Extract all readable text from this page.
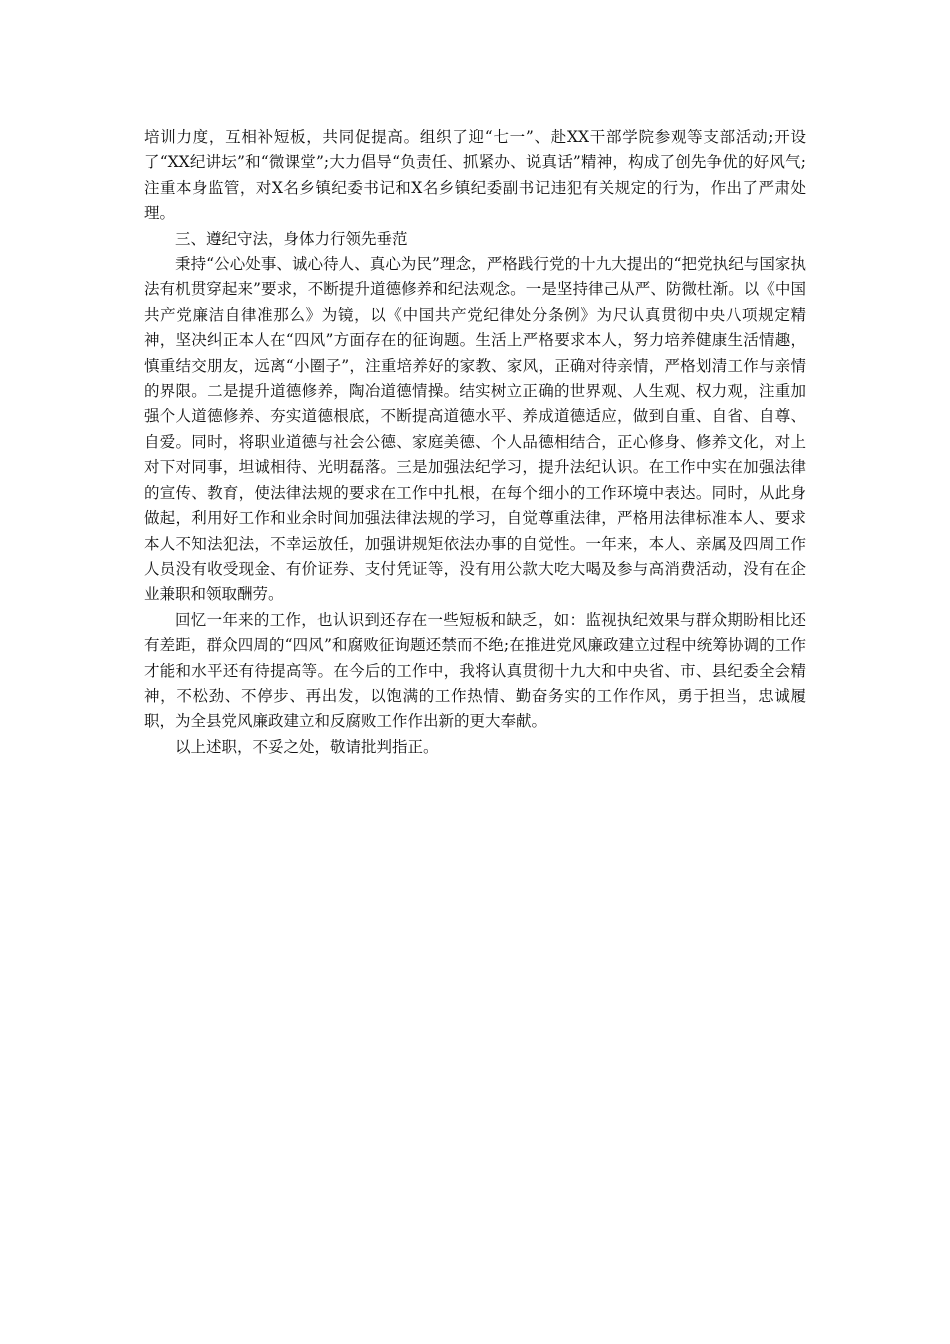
培训力度，互相补短板，共同促提高。组织了迎“七一”、赴XX干部学院参观等支部活动;开设了“XX纪讲坛”和“微课堂”;大力倡导“负责任、抓紧办、说真话”精神，构成了创先争优的好风气;注重本身监管，对X名乡镇纪委书记和X名乡镇纪委副书记违犯有关规定的行为，作出了严肃处理。

三、遵纪守法，身体力行领先垂范

秉持“公心处事、诚心待人、真心为民”理念，严格践行党的十九大提出的“把党执纪与国家执法有机贯穿起来”要求，不断提升道德修养和纪法观念。一是坚持律己从严、防微杜渐。以《中国共产党廉洁自律准那么》为镜，以《中国共产党纪律处分条例》为尺认真贯彻中央八项规定精神，坚决纠正本人在“四风”方面存在的征询题。生活上严格要求本人，努力培养健康生活情趣，慎重结交朋友，远离“小圈子”，注重培养好的家教、家风，正确对待亲情，严格划清工作与亲情的界限。二是提升道德修养，陶冶道德情操。结实树立正确的世界观、人生观、权力观，注重加强个人道德修养、夯实道德根底，不断提高道德水平、养成道德适应，做到自重、自省、自尊、自爱。同时，将职业道德与社会公德、家庭美德、个人品德相结合，正心修身、修养文化，对上对下对同事，坦诚相待、光明磊落。三是加强法纪学习，提升法纪认识。在工作中实在加强法律的宣传、教育，使法律法规的要求在工作中扎根，在每个细小的工作环境中表达。同时，从此身做起，利用好工作和业余时间加强法律法规的学习，自觉尊重法律，严格用法律标准本人、要求本人不知法犯法，不幸运放任，加强讲规矩依法办事的自觉性。一年来，本人、亲属及四周工作人员没有收受现金、有价证券、支付凭证等，没有用公款大吃大喝及参与高消费活动，没有在企业兼职和领取酬劳。

回忆一年来的工作，也认识到还存在一些短板和缺乏，如：监视执纪效果与群众期盼相比还有差距，群众四周的“四风”和腐败征询题还禁而不绝;在推进党风廉政建立过程中统筹协调的工作才能和水平还有待提高等。在今后的工作中，我将认真贯彻十九大和中央省、市、县纪委全会精神，不松劲、不停步、再出发，以饱满的工作热情、勤奋务实的工作作风，勇于担当，忠诚履职，为全县党风廉政建立和反腐败工作作出新的更大奉献。

以上述职，不妥之处，敬请批判指正。
